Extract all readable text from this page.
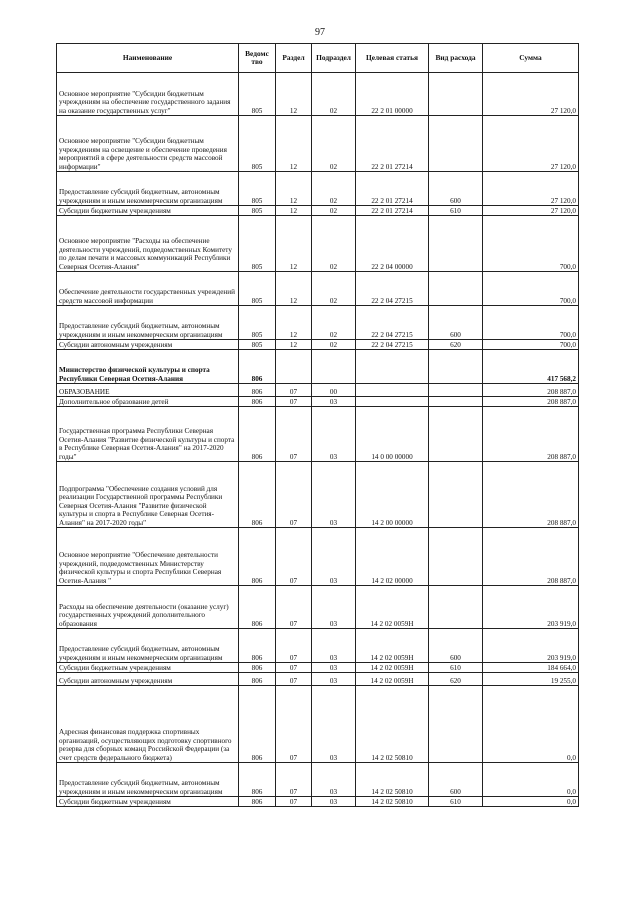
97
Наименование	Ведомс тво	Раздел	Подраздел	Целевая статья	Вид расхода	Сумма
Основное мероприятие "Субсидии бюджетным учреждениям на обеспечение государственного задания на оказание государственных услуг"	805	12	02	22 2 01 00000		27 120,0
Основное мероприятие "Субсидии бюджетным учреждениям на освещение и обеспечение проведения мероприятий в сфере деятельности средств массовой информации"	805	12	02	22 2 01 27214		27 120,0
Предоставление субсидий бюджетным, автономным учреждениям и иным некоммерческим организациям	805	12	02	22 2 01 27214	600	27 120,0
Субсидии бюджетным учреждениям	805	12	02	22 2 01 27214	610	27 120,0
Основное мероприятие "Расходы на обеспечение деятельности учреждений, подведомственных Комитету по делам печати и массовых коммуникаций Республики Северная Осетия-Алания"	805	12	02	22 2 04 00000		700,0
Обеспечение деятельности государственных учреждений средств массовой информации	805	12	02	22 2 04 27215		700,0
Предоставление субсидий бюджетным, автономным учреждениям и иным некоммерческим организациям	805	12	02	22 2 04 27215	600	700,0
Субсидии автономным учреждениям	805	12	02	22 2 04 27215	620	700,0
Министерство физической культуры и спорта Республики Северная Осетия-Алания	806					417 568,2
ОБРАЗОВАНИЕ	806	07	00			208 887,0
Дополнительное образование детей	806	07	03			208 887,0
Государственная программа Республики Северная Осетия-Алания "Развитие физической культуры и спорта в Республике Северная Осетия-Алания" на 2017-2020 годы"	806	07	03	14 0 00 00000		208 887,0
Подпрограмма "Обеспечение создания условий для реализации Государственной программы Республики Северная Осетия-Алания "Развитие физической культуры и спорта в Республике Северная Осетия-Алания" на 2017-2020 годы"	806	07	03	14 2 00 00000		208 887,0
Основное мероприятие "Обеспечение деятельности учреждений, подведомственных Министерству физической культуры и спорта Республики Северная Осетия-Алания "	806	07	03	14 2 02 00000		208 887,0
Расходы на обеспечение деятельности (оказание услуг) государственных учреждений дополнительного образования	806	07	03	14 2 02 0059Н		203 919,0
Предоставление субсидий бюджетным, автономным учреждениям и иным некоммерческим организациям	806	07	03	14 2 02 0059Н	600	203 919,0
Субсидии бюджетным учреждениям	806	07	03	14 2 02 0059Н	610	184 664,0
Субсидии автономным учреждениям	806	07	03	14 2 02 0059Н	620	19 255,0
Адресная финансовая поддержка спортивных организаций, осуществляющих подготовку спортивного резерва для сборных команд Российской Федерации (за счет средств федерального бюджета)	806	07	03	14 2 02 50810		0,0
Предоставление субсидий бюджетным, автономным учреждениям и иным некоммерческим организациям	806	07	03	14 2 02 50810	600	0,0
Субсидии бюджетным учреждениям	806	07	03	14 2 02 50810	610	0,0
